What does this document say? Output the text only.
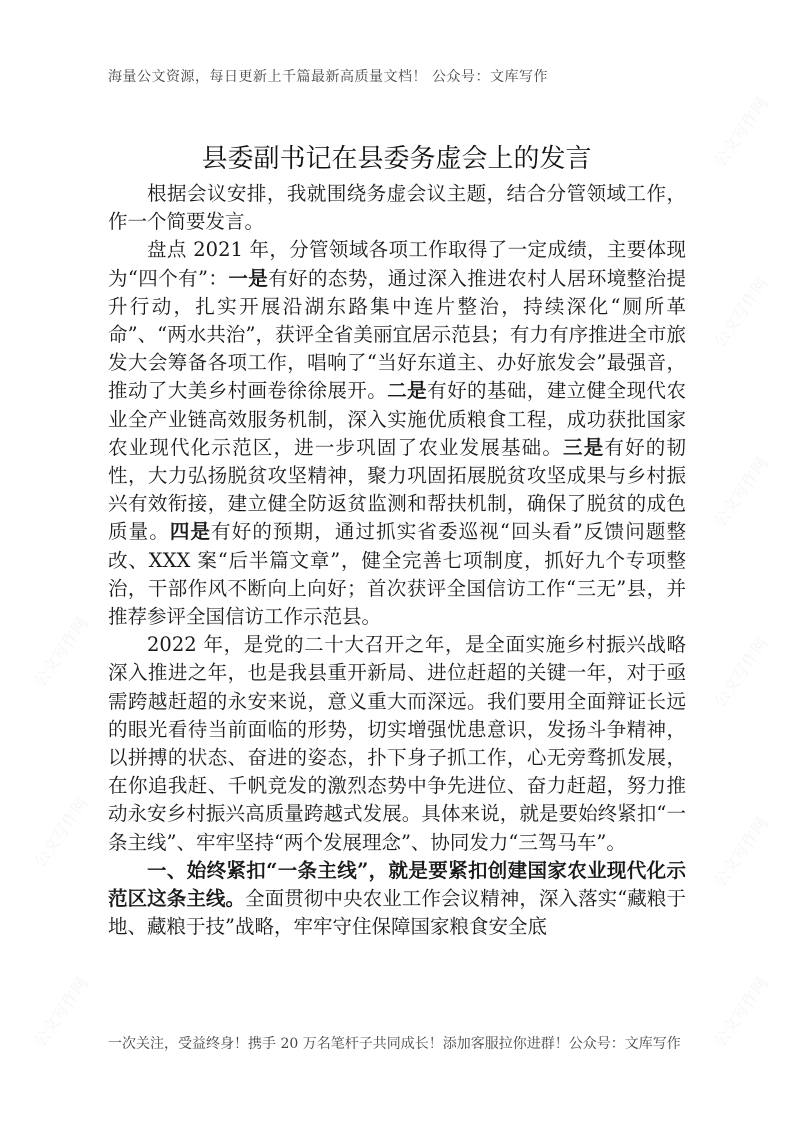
公文写作网
公文写作网
公文写作网
公文写作网
公文写作网
公文写作网
公文写作网
公文写作网
公文写作网
海量公文资源，每日更新上千篇最新高质量文档！ 公众号：文库写作
县委副书记在县委务虚会上的发言

根据会议安排，我就围绕务虚会议主题，结合分管领域工作，作一个简要发言。

盘点 2021 年，分管领域各项工作取得了一定成绩，主要体现为“四个有”：一是有好的态势，通过深入推进农村人居环境整治提升行动，扎实开展沿湖东路集中连片整治，持续深化“厕所革命”、“两水共治”，获评全省美丽宜居示范县；有力有序推进全市旅发大会筹备各项工作，唱响了“当好东道主、办好旅发会”最强音，推动了大美乡村画卷徐徐展开。二是有好的基础，建立健全现代农业全产业链高效服务机制，深入实施优质粮食工程，成功获批国家农业现代化示范区，进一步巩固了农业发展基础。三是有好的韧性，大力弘扬脱贫攻坚精神，聚力巩固拓展脱贫攻坚成果与乡村振兴有效衔接，建立健全防返贫监测和帮扶机制，确保了脱贫的成色质量。四是有好的预期，通过抓实省委巡视“回头看”反馈问题整改、XXX 案“后半篇文章”，健全完善七项制度，抓好九个专项整治，干部作风不断向上向好；首次获评全国信访工作“三无”县，并推荐参评全国信访工作示范县。

2022 年，是党的二十大召开之年，是全面实施乡村振兴战略深入推进之年，也是我县重开新局、进位赶超的关键一年，对于亟需跨越赶超的永安来说，意义重大而深远。我们要用全面辩证长远的眼光看待当前面临的形势，切实增强忧患意识，发扬斗争精神，以拼搏的状态、奋进的姿态，扑下身子抓工作，心无旁骛抓发展，在你追我赶、千帆竞发的激烈态势中争先进位、奋力赶超，努力推动永安乡村振兴高质量跨越式发展。具体来说，就是要始终紧扣“一条主线”、牢牢坚持“两个发展理念”、协同发力“三驾马车”。

一、始终紧扣“一条主线”，就是要紧扣创建国家农业现代化示范区这条主线。全面贯彻中央农业工作会议精神，深入落实“藏粮于地、藏粮于技”战略，牢牢守住保障国家粮食安全底

一次关注，受益终身！携手 20 万名笔杆子共同成长！添加客服拉你进群！公众号：文库写作
